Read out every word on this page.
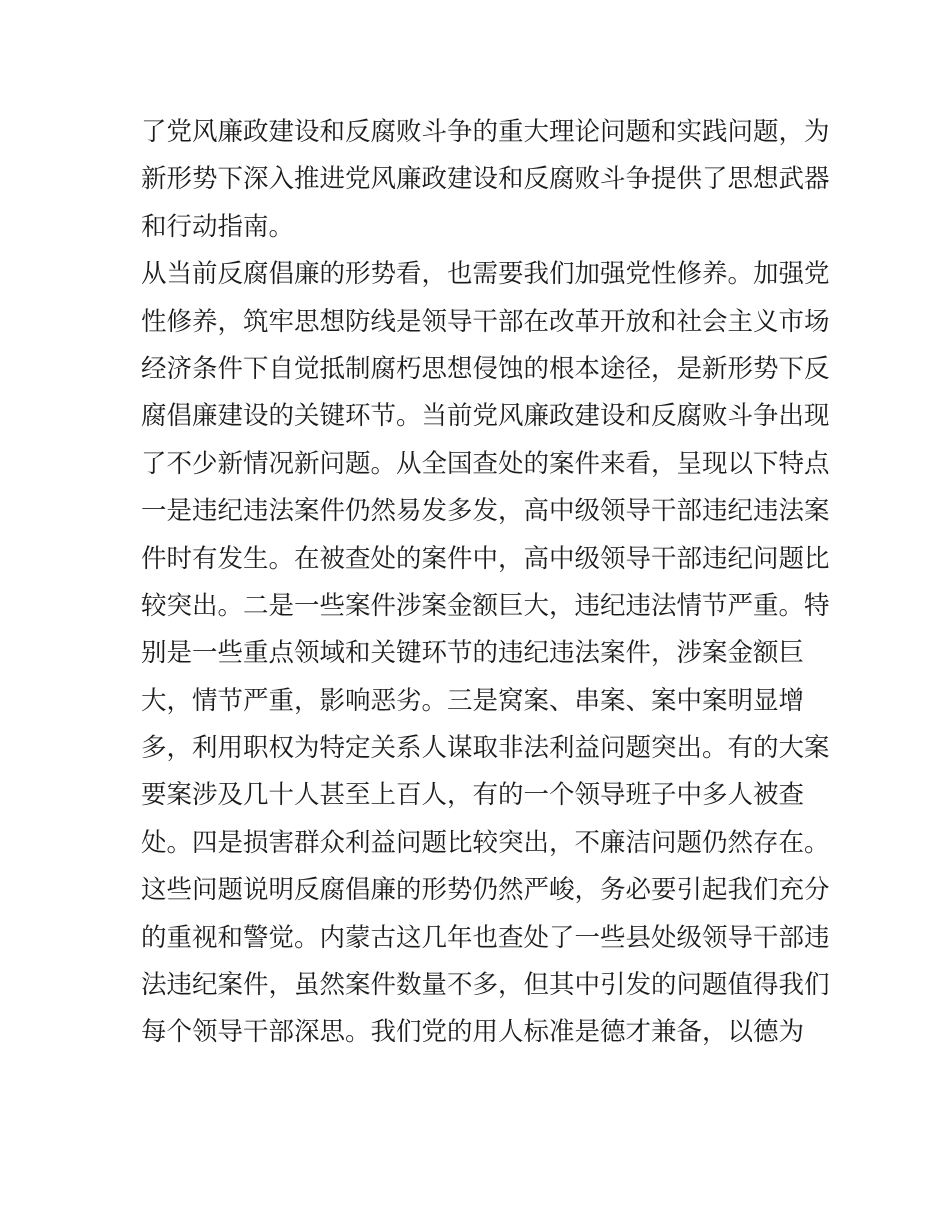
了党风廉政建设和反腐败斗争的重大理论问题和实践问题，为
新形势下深入推进党风廉政建设和反腐败斗争提供了思想武器
和行动指南。
从当前反腐倡廉的形势看，也需要我们加强党性修养。加强党
性修养，筑牢思想防线是领导干部在改革开放和社会主义市场
经济条件下自觉抵制腐朽思想侵蚀的根本途径，是新形势下反
腐倡廉建设的关键环节。当前党风廉政建设和反腐败斗争出现
了不少新情况新问题。从全国查处的案件来看，呈现以下特点
一是违纪违法案件仍然易发多发，高中级领导干部违纪违法案
件时有发生。在被查处的案件中，高中级领导干部违纪问题比
较突出。二是一些案件涉案金额巨大，违纪违法情节严重。特
别是一些重点领域和关键环节的违纪违法案件，涉案金额巨
大，情节严重，影响恶劣。三是窝案、串案、案中案明显增
多，利用职权为特定关系人谋取非法利益问题突出。有的大案
要案涉及几十人甚至上百人，有的一个领导班子中多人被查
处。四是损害群众利益问题比较突出，不廉洁问题仍然存在。
这些问题说明反腐倡廉的形势仍然严峻，务必要引起我们充分
的重视和警觉。内蒙古这几年也查处了一些县处级领导干部违
法违纪案件，虽然案件数量不多，但其中引发的问题值得我们
每个领导干部深思。我们党的用人标准是德才兼备，以德为
